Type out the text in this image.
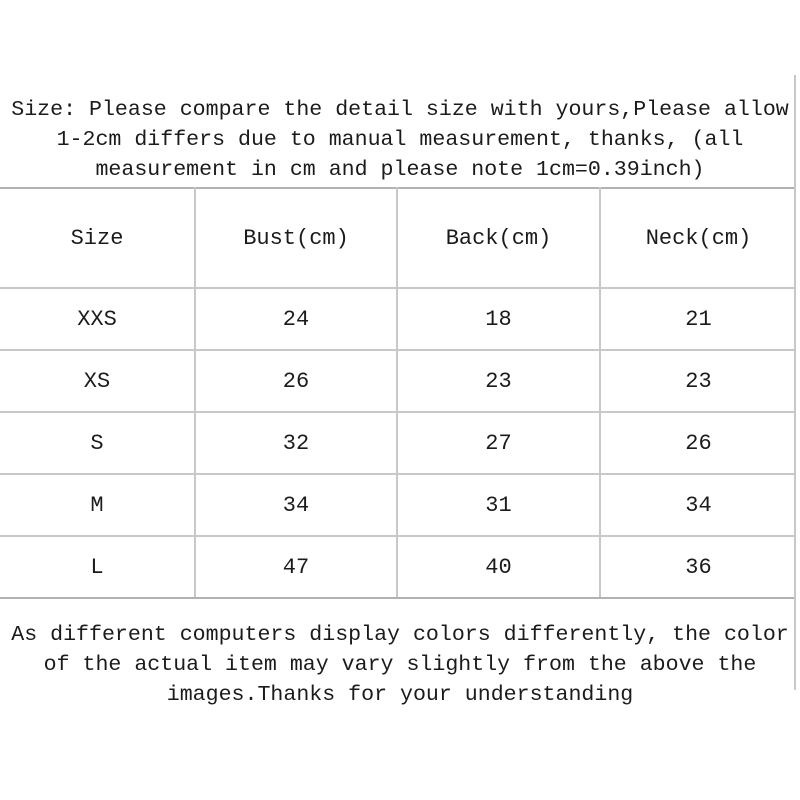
Size: Please compare the detail size with yours,Please allow
1-2cm differs due to manual measurement, thanks, (all
measurement in cm and please note 1cm=0.39inch)
Size	Bust(cm)	Back(cm)	Neck(cm)
XXS	24	18	21
XS	26	23	23
S	32	27	26
M	34	31	34
L	47	40	36
As different computers display colors differently, the color
of the actual item may vary slightly from the above the
images.Thanks for your understanding
